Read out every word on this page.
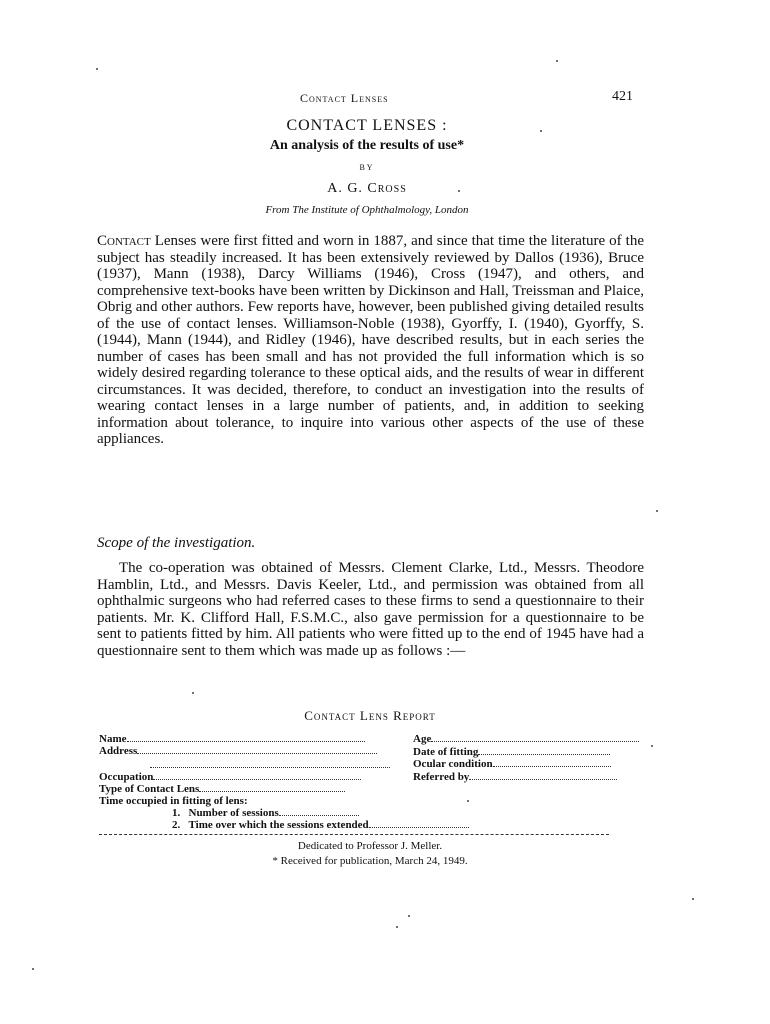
Contact Lenses	421
CONTACT LENSES :
An analysis of the results of use*
BY
A. G. Cross
From The Institute of Ophthalmology, London
Contact Lenses were first fitted and worn in 1887, and since that time the literature of the subject has steadily increased. It has been extensively reviewed by Dallos (1936), Bruce (1937), Mann (1938), Darcy Williams (1946), Cross (1947), and others, and comprehensive text-books have been written by Dickinson and Hall, Treissman and Plaice, Obrig and other authors. Few reports have, however, been published giving detailed results of the use of contact lenses. Williamson-Noble (1938), Gyorffy, I. (1940), Gyorffy, S. (1944), Mann (1944), and Ridley (1946), have described results, but in each series the number of cases has been small and has not provided the full information which is so widely desired regarding tolerance to these optical aids, and the results of wear in different circumstances. It was decided, therefore, to conduct an investigation into the results of wearing contact lenses in a large number of patients, and, in addition to seeking information about tolerance, to inquire into various other aspects of the use of these appliances.
Scope of the investigation.
The co-operation was obtained of Messrs. Clement Clarke, Ltd., Messrs. Theodore Hamblin, Ltd., and Messrs. Davis Keeler, Ltd., and permission was obtained from all ophthalmic surgeons who had referred cases to these firms to send a questionnaire to their patients. Mr. K. Clifford Hall, F.S.M.C., also gave permission for a questionnaire to be sent to patients fitted by him. All patients who were fitted up to the end of 1945 have had a questionnaire sent to them which was made up as follows :—
Contact Lens Report
Name
Address
Occupation
Type of Contact Lens
Time occupied in fitting of lens:
1. Number of sessions
2. Time over which the sessions extended
Age
Date of fitting
Ocular condition
Referred by
Dedicated to Professor J. Meller.
* Received for publication, March 24, 1949.
